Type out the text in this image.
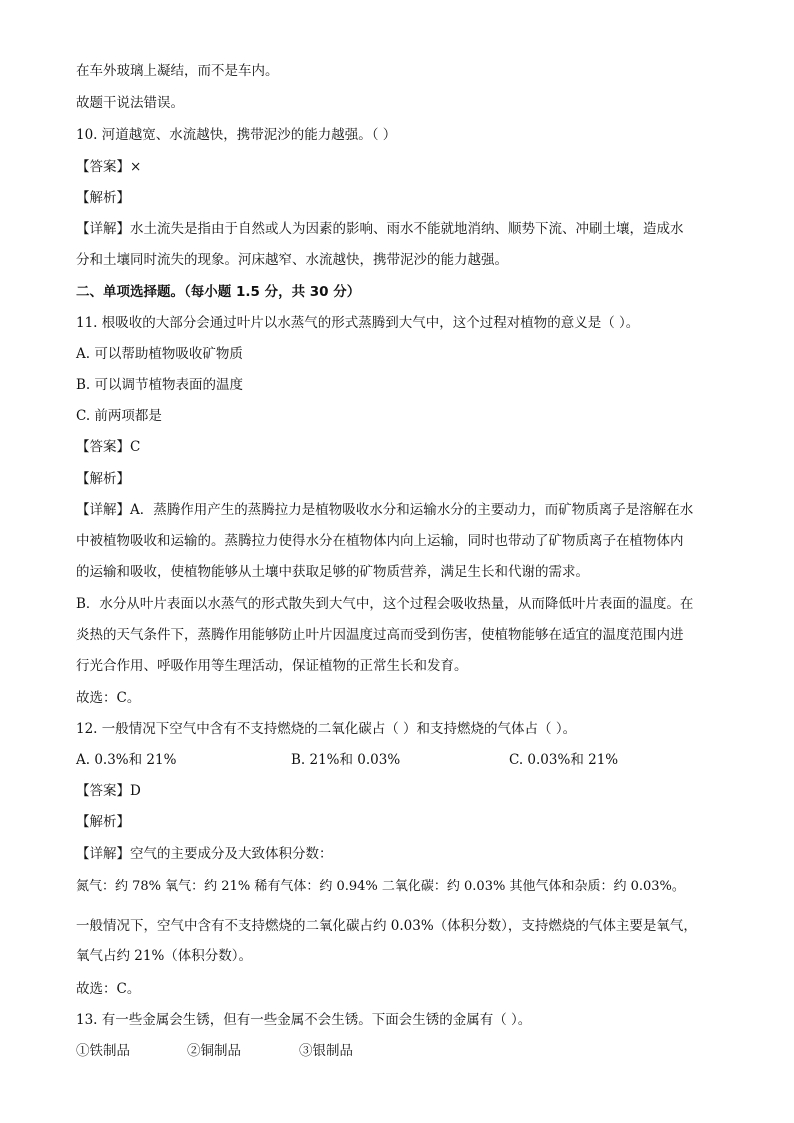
在车外玻璃上凝结，而不是车内。
故题干说法错误。
10. 河道越宽、水流越快，携带泥沙的能力越强。（ ）
【答案】×
【解析】
【详解】水土流失是指由于自然或人为因素的影响、雨水不能就地消纳、顺势下流、冲刷土壤，造成水
分和土壤同时流失的现象。河床越窄、水流越快，携带泥沙的能力越强。
二、单项选择题。（每小题 1.5 分，共 30 分）
11. 根吸收的大部分会通过叶片以水蒸气的形式蒸腾到大气中，这个过程对植物的意义是（ ）。
A. 可以帮助植物吸收矿物质
B. 可以调节植物表面的温度
C. 前两项都是
【答案】C
【解析】
【详解】A．蒸腾作用产生的蒸腾拉力是植物吸收水分和运输水分的主要动力，而矿物质离子是溶解在水
中被植物吸收和运输的。蒸腾拉力使得水分在植物体内向上运输，同时也带动了矿物质离子在植物体内
的运输和吸收，使植物能够从土壤中获取足够的矿物质营养，满足生长和代谢的需求。
B．水分从叶片表面以水蒸气的形式散失到大气中，这个过程会吸收热量，从而降低叶片表面的温度。在
炎热的天气条件下，蒸腾作用能够防止叶片因温度过高而受到伤害，使植物能够在适宜的温度范围内进
行光合作用、呼吸作用等生理活动，保证植物的正常生长和发育。
故选：C。
12. 一般情况下空气中含有不支持燃烧的二氧化碳占（ ）和支持燃烧的气体占（ ）。
A. 0.3%和 21%	B. 21%和 0.03%	C. 0.03%和 21%
【答案】D
【解析】
【详解】空气的主要成分及大致体积分数：
氮气：约 78% 氧气：约 21% 稀有气体：约 0.94% 二氧化碳：约 0.03% 其他气体和杂质：约 0.03%。
一般情况下，空气中含有不支持燃烧的二氧化碳占约 0.03%（体积分数），支持燃烧的气体主要是氧气，
氧气占约 21%（体积分数）。
故选：C。
13. 有一些金属会生锈，但有一些金属不会生锈。下面会生锈的金属有（ ）。
①铁制品	②铜制品	③银制品
